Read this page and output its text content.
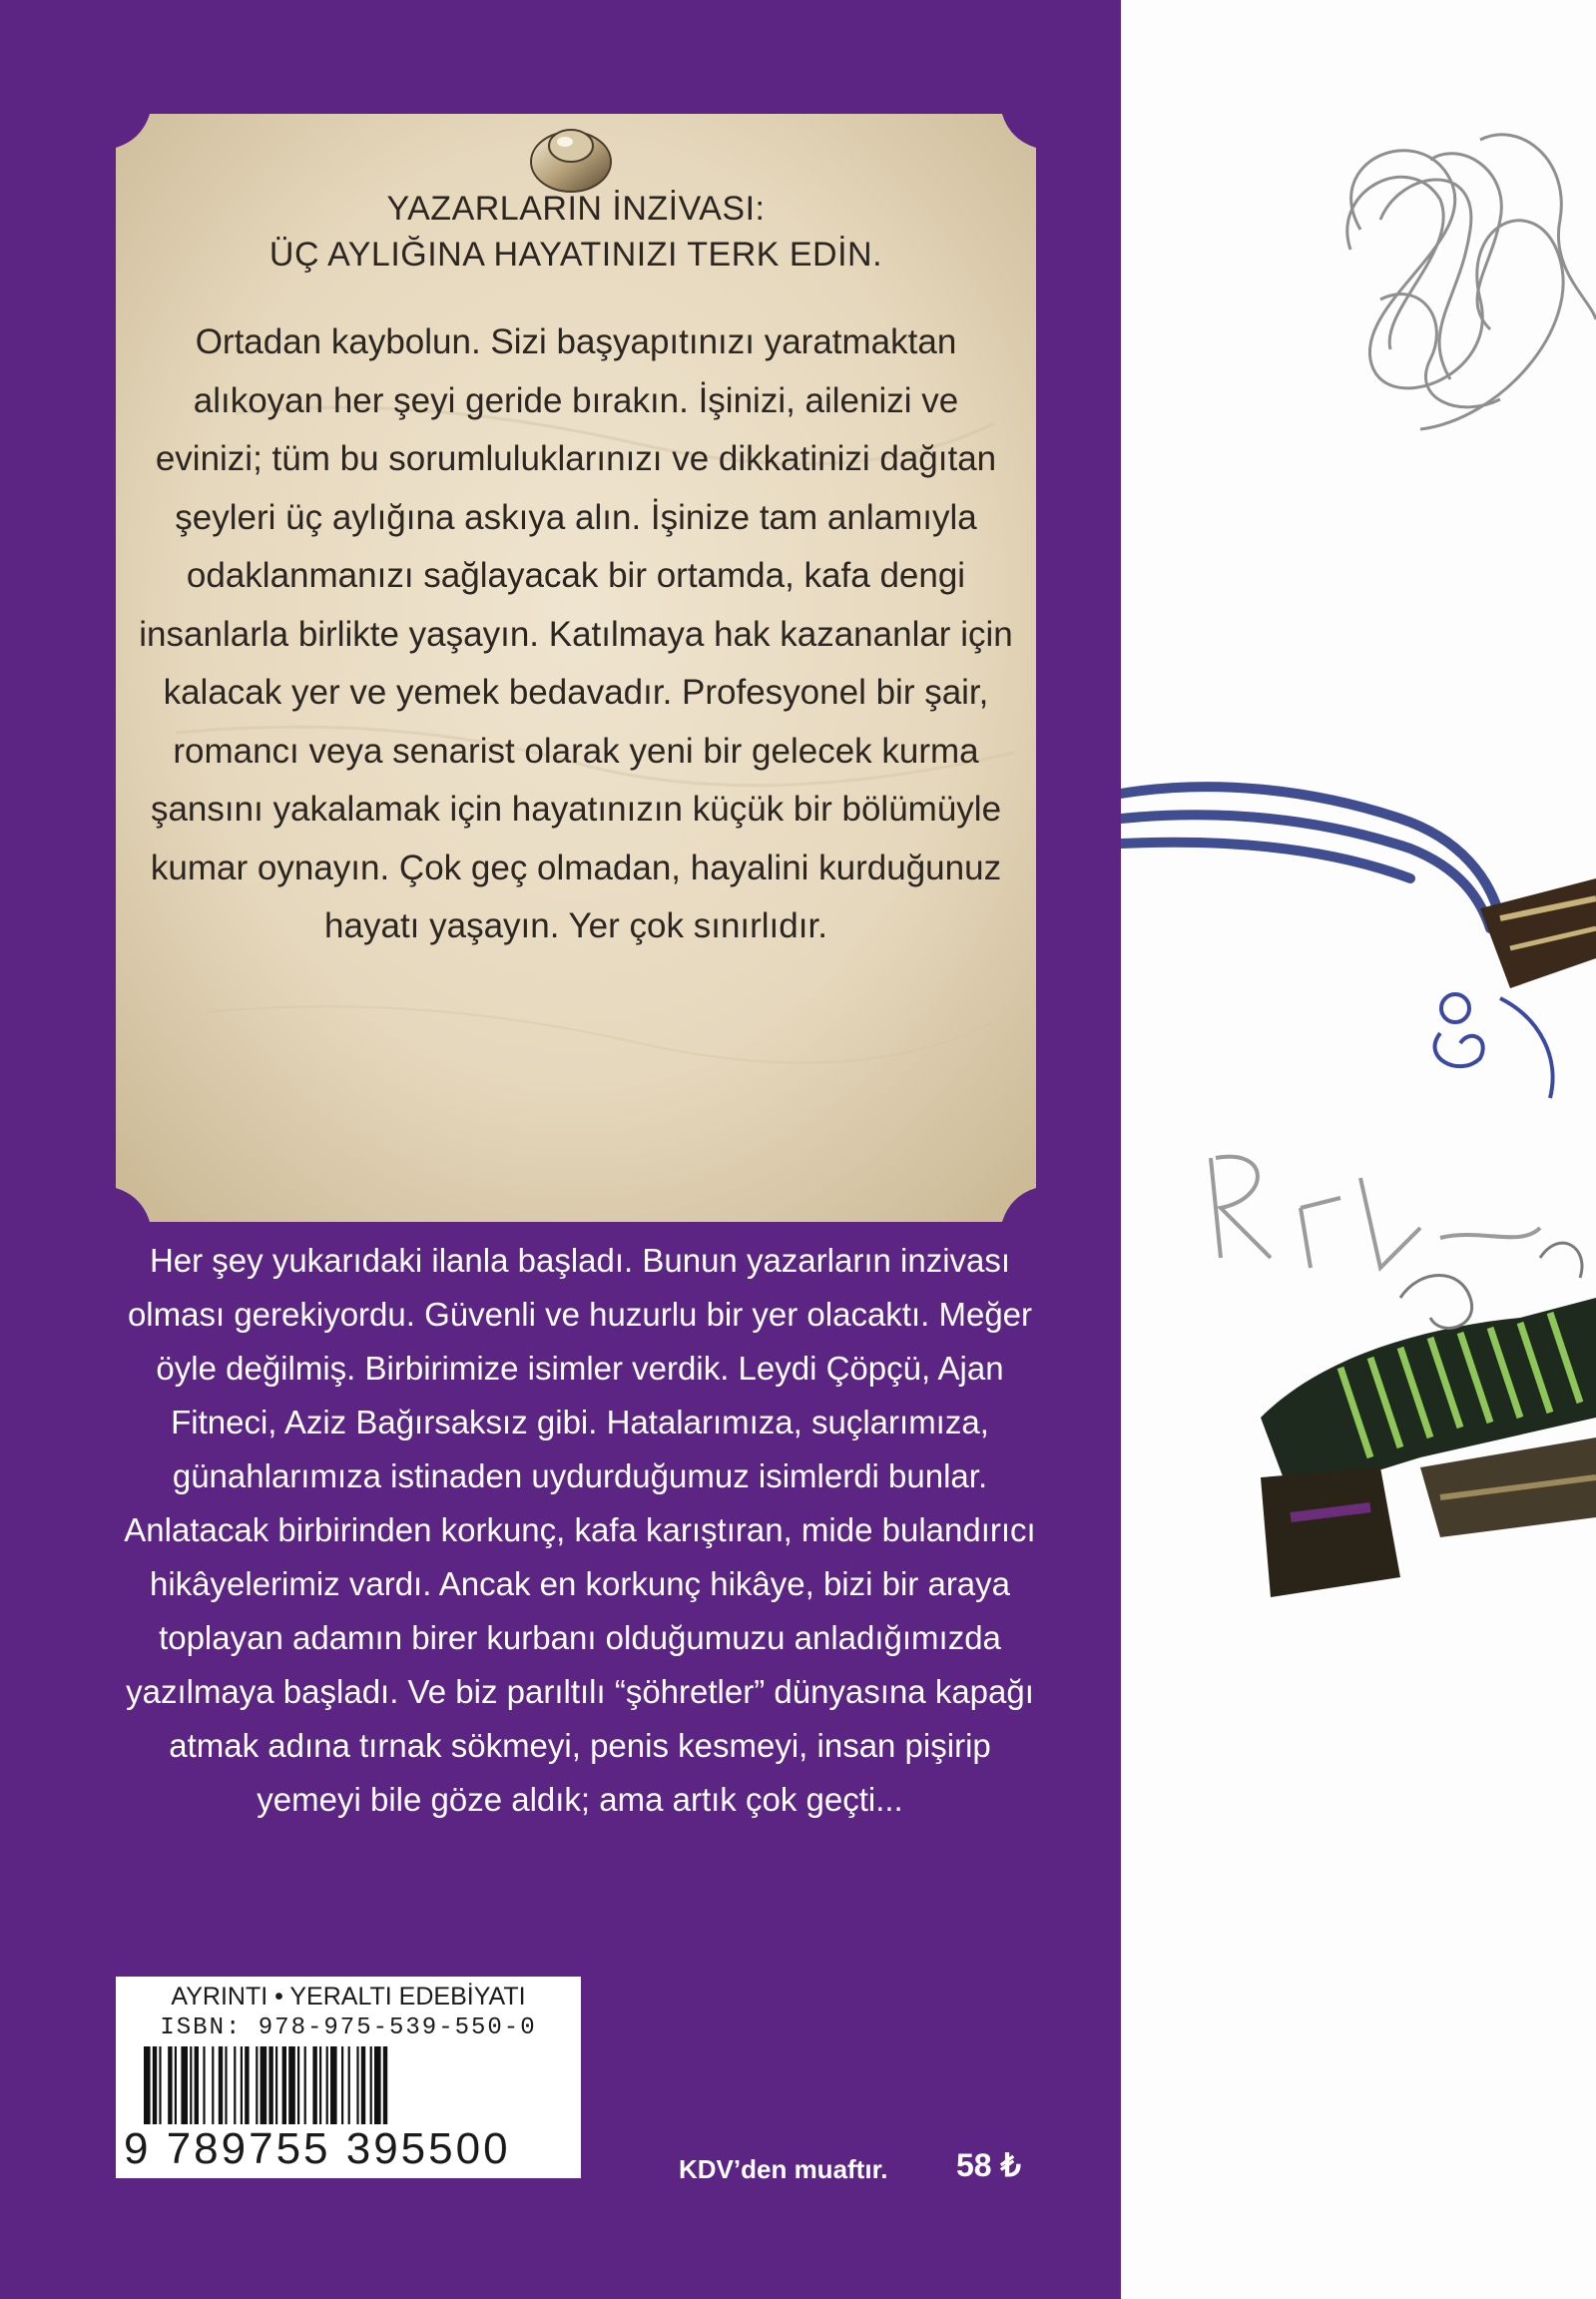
YAZARLARIN İNZİVASI:
ÜÇ AYLIĞINA HAYATINIZI TERK EDİN.

Ortadan kaybolun. Sizi başyapıtınızı yaratmaktan alıkoyan her şeyi geride bırakın. İşinizi, ailenizi ve evinizi; tüm bu sorumluluklarınızı ve dikkatinizi dağıtan şeyleri üç aylığına askıya alın. İşinize tam anlamıyla odaklanmanızı sağlayacak bir ortamda, kafa dengi insanlarla birlikte yaşayın. Katılmaya hak kazananlar için kalacak yer ve yemek bedavadır. Profesyonel bir şair, romancı veya senarist olarak yeni bir gelecek kurma şansını yakalamak için hayatınızın küçük bir bölümüyle kumar oynayın. Çok geç olmadan, hayalini kurduğunuz hayatı yaşayın. Yer çok sınırlıdır.

Her şey yukarıdaki ilanla başladı. Bunun yazarların inzivası olması gerekiyordu. Güvenli ve huzurlu bir yer olacaktı. Meğer öyle değilmiş. Birbirimize isimler verdik. Leydi Çöpçü, Ajan Fitneci, Aziz Bağırsaksız gibi. Hatalarımıza, suçlarımıza, günahlarımıza istinaden uydurduğumuz isimlerdi bunlar. Anlatacak birbirinden korkunç, kafa karıştıran, mide bulandırıcı hikâyelerimiz vardı. Ancak en korkunç hikâye, bizi bir araya toplayan adamın birer kurbanı olduğumuzu anladığımızda yazılmaya başladı. Ve biz parıltılı “şöhretler” dünyasına kapağı atmak adına tırnak sökmeyi, penis kesmeyi, insan pişirip yemeyi bile göze aldık; ama artık çok geçti...

AYRINTI • YERALTI EDEBİYATI
ISBN: 978-975-539-550-0
9 789755 395500	KDV’den muaftır. 58 ₺
